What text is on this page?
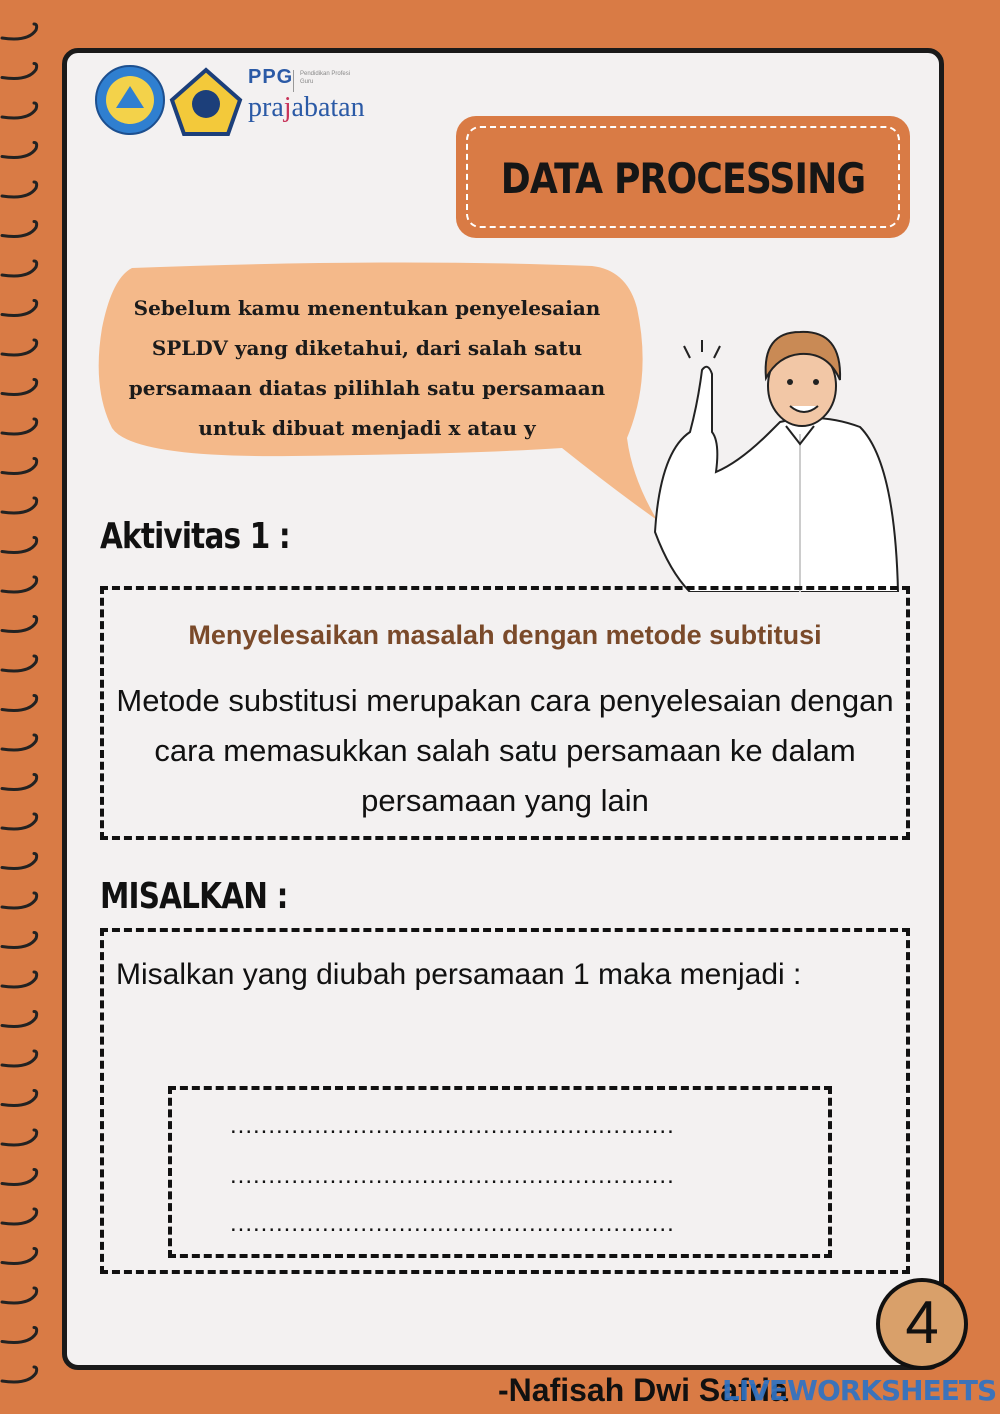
PPG Pendidikan Profesi Guru
prajabatan
DATA PROCESSING
Sebelum kamu menentukan penyelesaian SPLDV yang diketahui, dari salah satu persamaan diatas pilihlah satu persamaan untuk dibuat menjadi x atau y
Aktivitas 1 :
Menyelesaikan masalah dengan metode subtitusi
Metode substitusi merupakan cara penyelesaian dengan cara memasukkan salah satu persamaan ke dalam persamaan yang lain
MISALKAN :
Misalkan yang diubah persamaan 1 maka menjadi :
..........................................................
..........................................................
..........................................................
4
-Nafisah Dwi Safria
LIVEWORKSHEETS
